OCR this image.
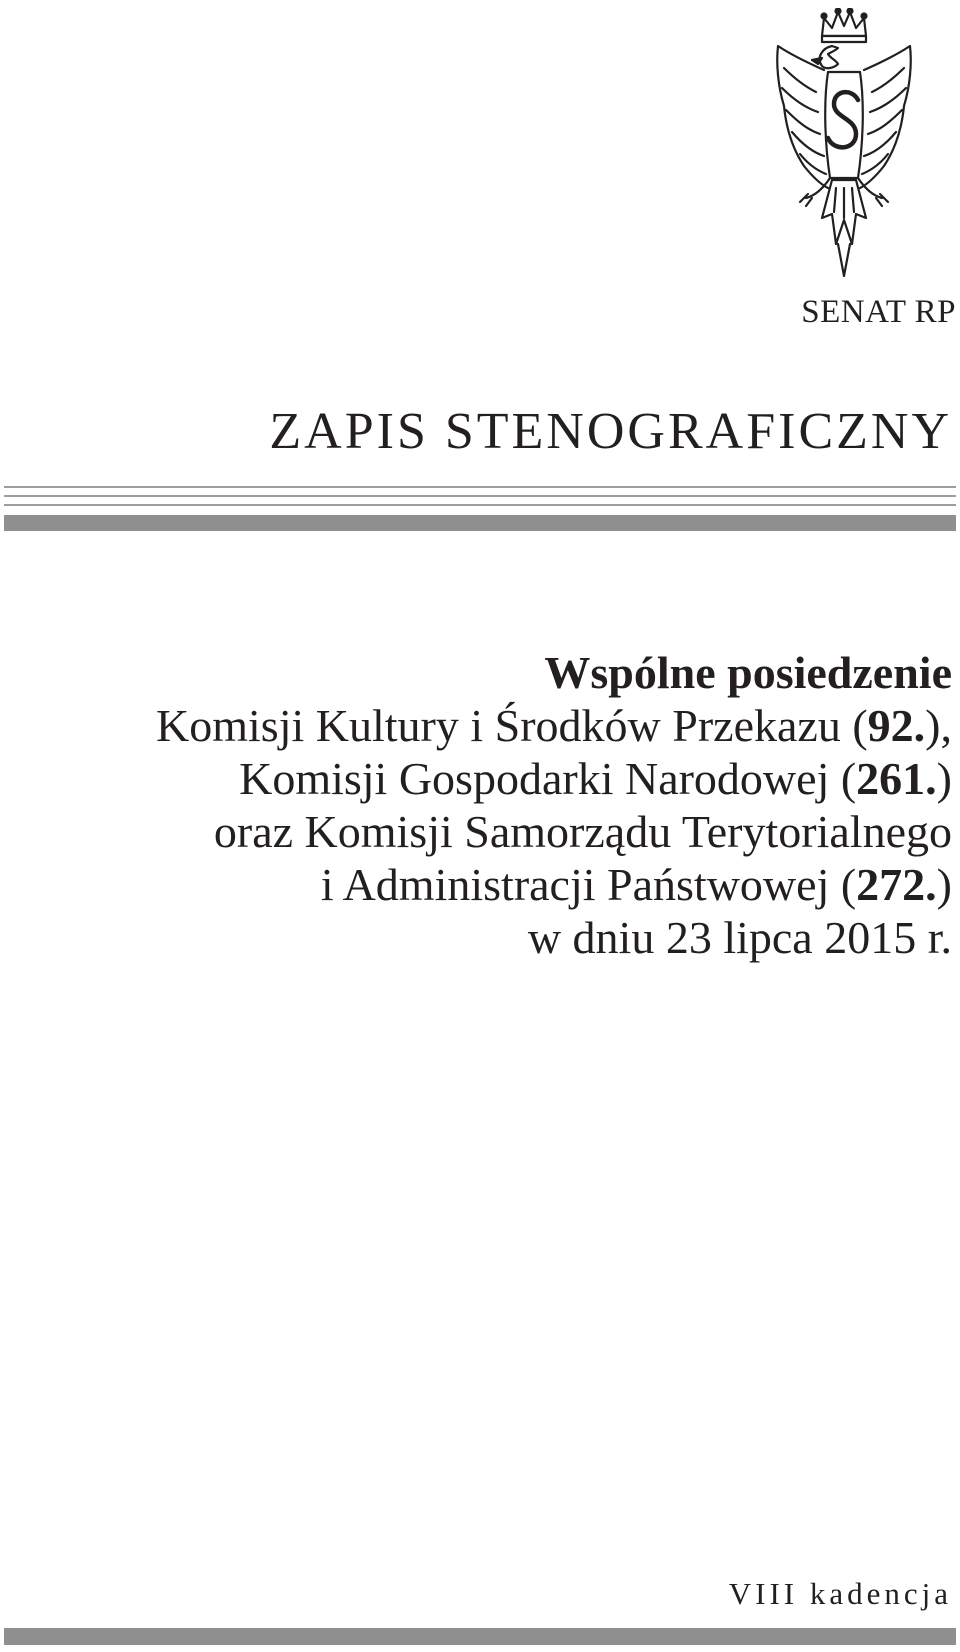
SENAT RP
ZAPIS STENOGRAFICZNY
Wspólne posiedzenie
Komisji Kultury i Środków Przekazu (92.),
Komisji Gospodarki Narodowej (261.)
oraz Komisji Samorządu Terytorialnego
i Administracji Państwowej (272.)
w dniu 23 lipca 2015 r.
VIII kadencja
